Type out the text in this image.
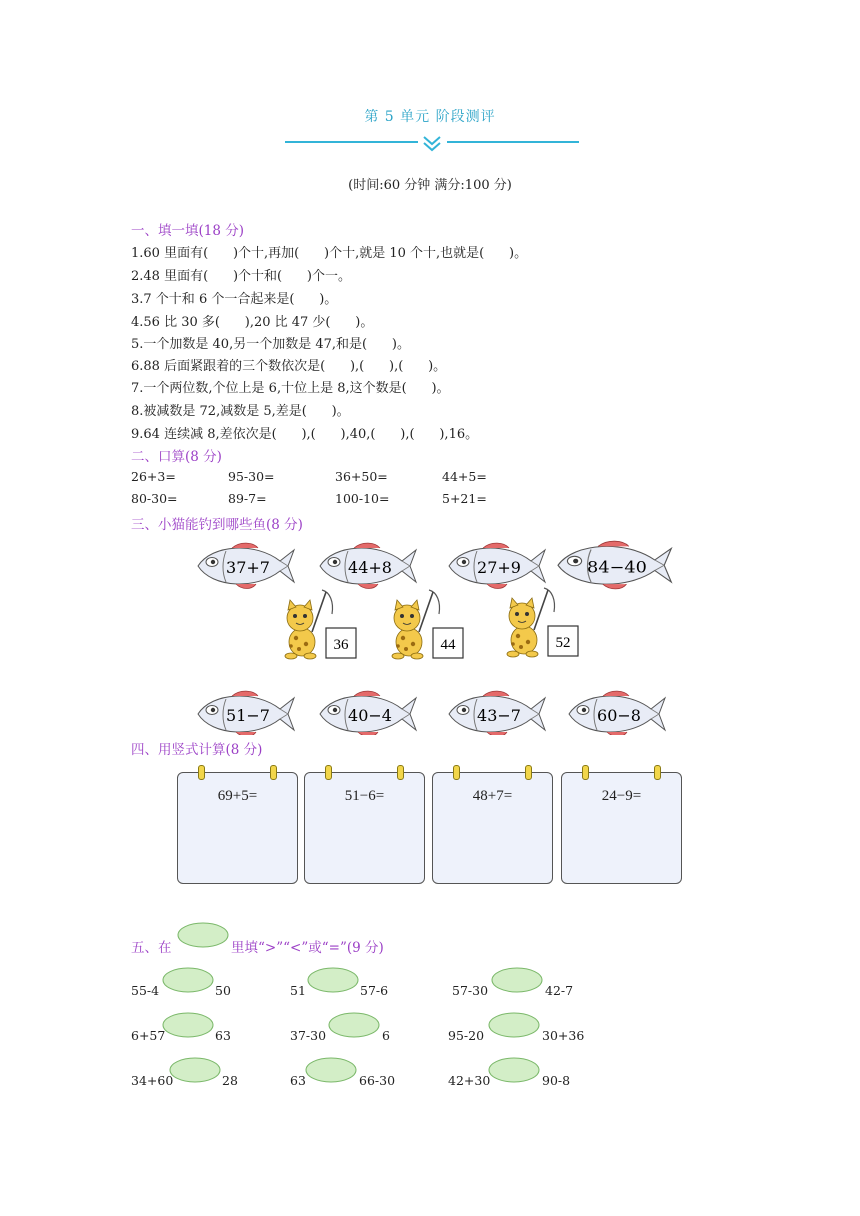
第 5 单元 阶段测评
(时间:60 分钟 满分:100 分)
一、填一填(18 分)
1.60 里面有(      )个十,再加(      )个十,就是 10 个十,也就是(      )。
2.48 里面有(      )个十和(      )个一。
3.7 个十和 6 个一合起来是(      )。
4.56 比 30 多(      ),20 比 47 少(      )。
5.一个加数是 40,另一个加数是 47,和是(      )。
6.88 后面紧跟着的三个数依次是(      ),(      ),(      )。
7.一个两位数,个位上是 6,十位上是 8,这个数是(      )。
8.被减数是 72,减数是 5,差是(      )。
9.64 连续减 8,差依次是(      ),(      ),40,(      ),(      ),16。
二、口算(8 分)
26+3=	95-30=	36+50=	44+5=
80-30=	89-7=	100-10=	5+21=
三、小猫能钓到哪些鱼(8 分)
37+7	44+8	27+9	84−40
36	44	52
51−7	40−4	43−7	60−8
四、用竖式计算(8 分)
69+5=	51−6=	48+7=	24−9=
五、在	里填“>”“<”或“=”(9 分)
55-4	50	51	57-6	57-30	42-7
6+57	63	37-30	6	95-20	30+36
34+60	28	63	66-30	42+30	90-8
